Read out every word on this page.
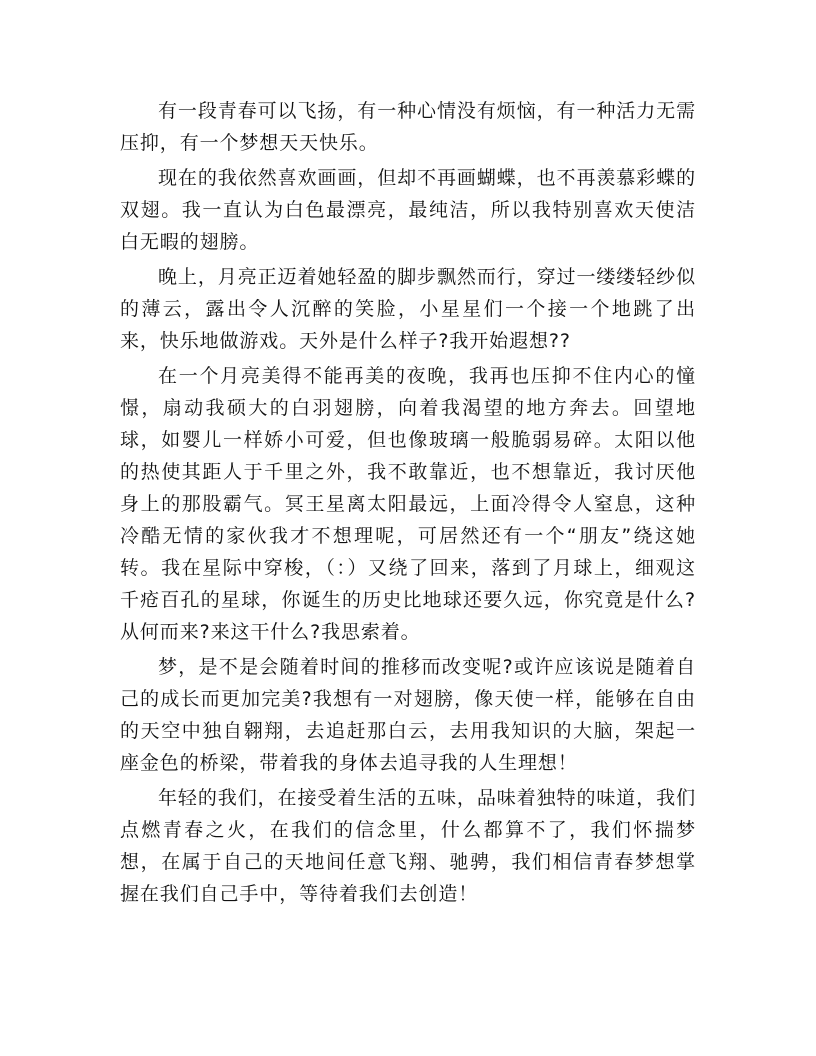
有一段青春可以飞扬，有一种心情没有烦恼，有一种活力无需压抑，有一个梦想天天快乐。

现在的我依然喜欢画画，但却不再画蝴蝶，也不再羡慕彩蝶的双翅。我一直认为白色最漂亮，最纯洁，所以我特别喜欢天使洁白无暇的翅膀。

晚上，月亮正迈着她轻盈的脚步飘然而行，穿过一缕缕轻纱似的薄云，露出令人沉醉的笑脸，小星星们一个接一个地跳了出来，快乐地做游戏。天外是什么样子?我开始遐想??

在一个月亮美得不能再美的夜晚，我再也压抑不住内心的憧憬，扇动我硕大的白羽翅膀，向着我渴望的地方奔去。回望地球，如婴儿一样娇小可爱，但也像玻璃一般脆弱易碎。太阳以他的热使其距人于千里之外，我不敢靠近，也不想靠近，我讨厌他身上的那股霸气。冥王星离太阳最远，上面冷得令人窒息，这种冷酷无情的家伙我才不想理呢，可居然还有一个“朋友”绕这她转。我在星际中穿梭，（：）又绕了回来，落到了月球上，细观这千疮百孔的星球，你诞生的历史比地球还要久远，你究竟是什么?从何而来?来这干什么?我思索着。

梦，是不是会随着时间的推移而改变呢?或许应该说是随着自己的成长而更加完美?我想有一对翅膀，像天使一样，能够在自由的天空中独自翱翔，去追赶那白云，去用我知识的大脑，架起一座金色的桥梁，带着我的身体去追寻我的人生理想！

年轻的我们，在接受着生活的五味，品味着独特的味道，我们点燃青春之火，在我们的信念里，什么都算不了，我们怀揣梦想，在属于自己的天地间任意飞翔、驰骋，我们相信青春梦想掌握在我们自己手中，等待着我们去创造！
